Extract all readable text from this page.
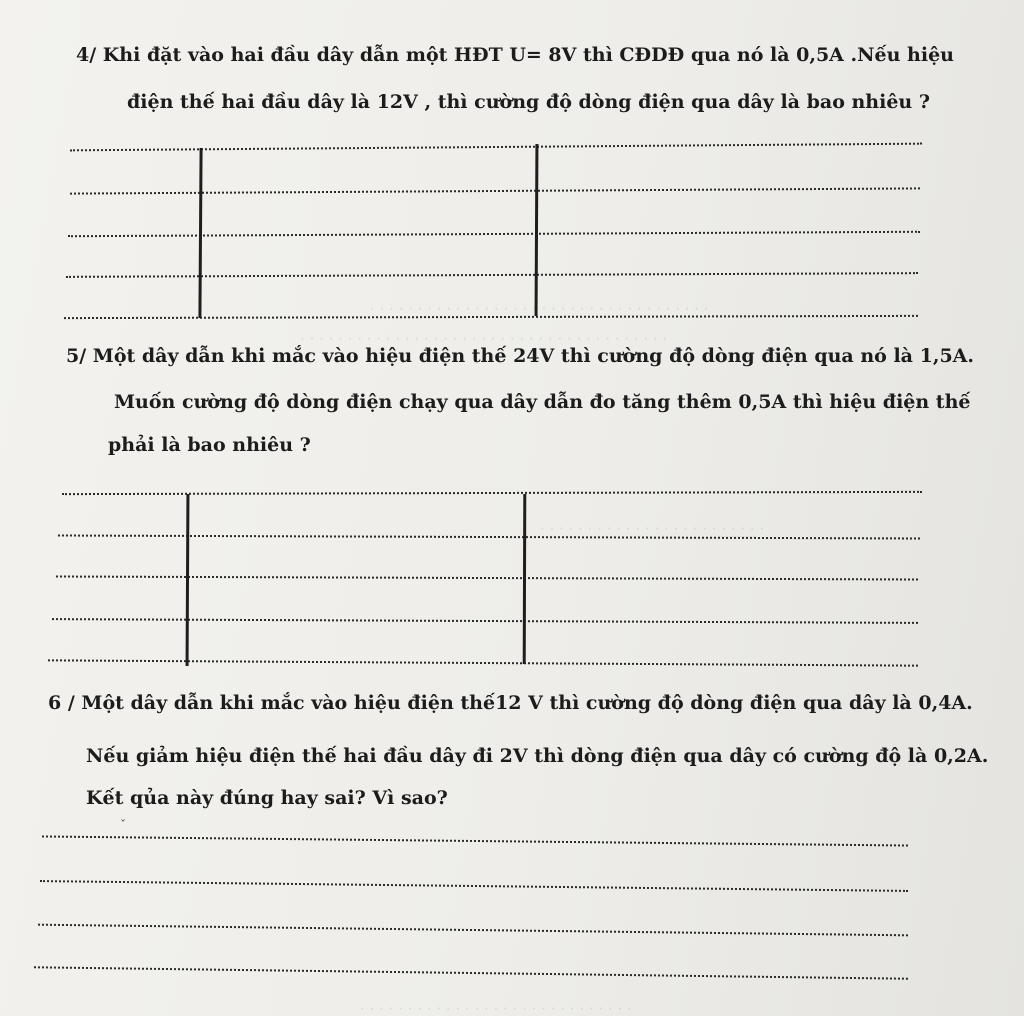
· · · · · · · · · · · · · · · · · · · · · · · · · · · · · · · · · · · ·
· · · · · · · · · · · · · · · · · · · · · · · · · · · · · · · · · · · · · · ·
· · · · · · · · · · · · · · · · · · · · · · · ·
· · · · · · · · · · · · · · · · · · · · · · · · · · · · ·
4/ Khi đặt vào hai đầu dây dẫn một HĐT U= 8V thì CĐDĐ qua nó là 0,5A .Nếu hiệu
điện thế hai đầu dây là 12V , thì cường độ dòng điện qua dây là bao nhiêu ?
5/ Một dây dẫn khi mắc vào hiệu điện thế 24V thì cường độ dòng điện qua nó là 1,5A.
Muốn cường độ dòng điện chạy qua dây dẫn đo tăng thêm 0,5A thì hiệu điện thế
phải là bao nhiêu ?
6 / Một dây dẫn khi mắc vào hiệu điện thế12 V thì cường độ dòng điện qua dây là 0,4A.
Nếu giảm hiệu điện thế hai đầu dây đi 2V thì dòng điện qua dây có cường độ là 0,2A.
Kết qủa này đúng hay sai? Vì sao?
ˇ
